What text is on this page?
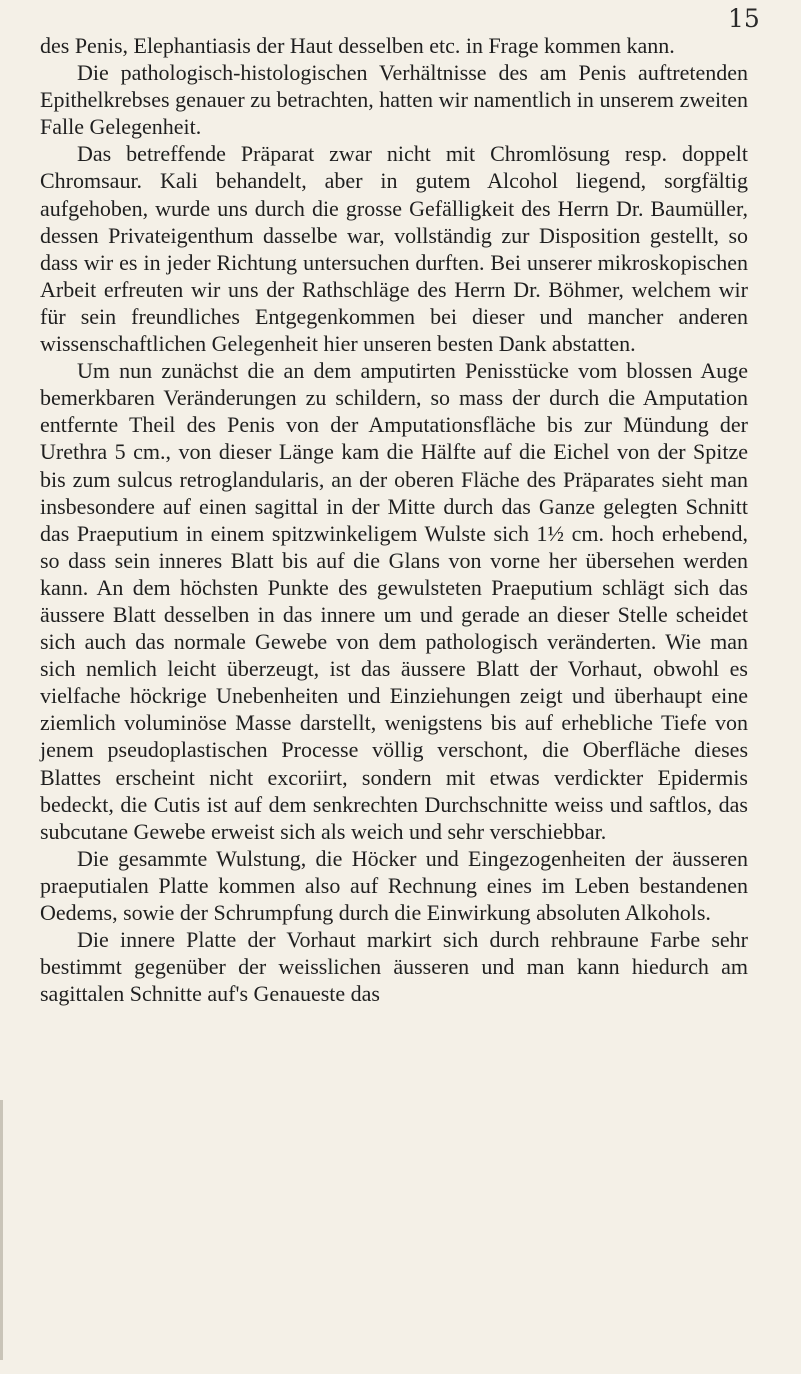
15

des Penis, Elephantiasis der Haut desselben etc. in Frage kommen kann.

Die pathologisch-histologischen Verhältnisse des am Penis auftretenden Epithelkrebses genauer zu betrachten, hatten wir namentlich in unserem zweiten Falle Gelegenheit.

Das betreffende Präparat zwar nicht mit Chromlösung resp. doppelt Chromsaur. Kali behandelt, aber in gutem Alcohol liegend, sorgfältig aufgehoben, wurde uns durch die grosse Gefälligkeit des Herrn Dr. Baumüller, dessen Privateigenthum dasselbe war, vollständig zur Disposition gestellt, so dass wir es in jeder Richtung untersuchen durften. Bei unserer mikroskopischen Arbeit erfreuten wir uns der Rathschläge des Herrn Dr. Böhmer, welchem wir für sein freundliches Entgegenkommen bei dieser und mancher anderen wissenschaftlichen Gelegenheit hier unseren besten Dank abstatten.

Um nun zunächst die an dem amputirten Penisstücke vom blossen Auge bemerkbaren Veränderungen zu schildern, so mass der durch die Amputation entfernte Theil des Penis von der Amputationsfläche bis zur Mündung der Urethra 5 cm., von dieser Länge kam die Hälfte auf die Eichel von der Spitze bis zum sulcus retroglandularis, an der oberen Fläche des Präparates sieht man insbesondere auf einen sagittal in der Mitte durch das Ganze gelegten Schnitt das Praeputium in einem spitzwinkeligem Wulste sich 1½ cm. hoch erhebend, so dass sein inneres Blatt bis auf die Glans von vorne her übersehen werden kann. An dem höchsten Punkte des gewulsteten Praeputium schlägt sich das äussere Blatt desselben in das innere um und gerade an dieser Stelle scheidet sich auch das normale Gewebe von dem pathologisch veränderten. Wie man sich nemlich leicht überzeugt, ist das äussere Blatt der Vorhaut, obwohl es vielfache höckrige Unebenheiten und Einziehungen zeigt und überhaupt eine ziemlich voluminöse Masse darstellt, wenigstens bis auf erhebliche Tiefe von jenem pseudoplastischen Processe völlig verschont, die Oberfläche dieses Blattes erscheint nicht excoriirt, sondern mit etwas verdickter Epidermis bedeckt, die Cutis ist auf dem senkrechten Durchschnitte weiss und saftlos, das subcutane Gewebe erweist sich als weich und sehr verschiebbar.

Die gesammte Wulstung, die Höcker und Eingezogenheiten der äusseren praeputialen Platte kommen also auf Rechnung eines im Leben bestandenen Oedems, sowie der Schrumpfung durch die Einwirkung absoluten Alkohols.

Die innere Platte der Vorhaut markirt sich durch rehbraune Farbe sehr bestimmt gegenüber der weisslichen äusseren und man kann hiedurch am sagittalen Schnitte auf's Genaueste das
